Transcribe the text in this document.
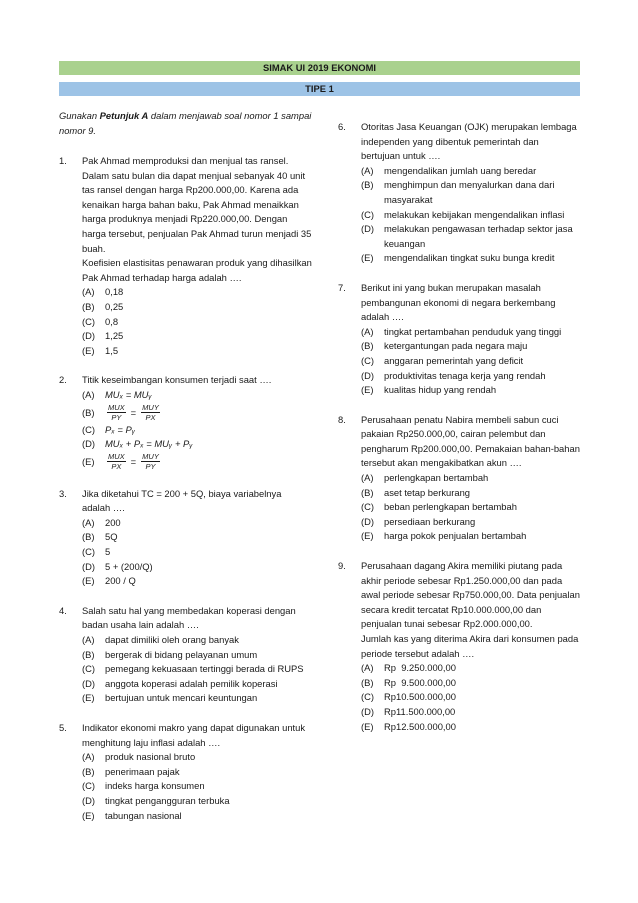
SIMAK UI 2019 EKONOMI
TIPE 1
Gunakan Petunjuk A dalam menjawab soal nomor 1 sampai nomor 9.
1.	Pak Ahmad memproduksi dan menjual tas ransel. Dalam satu bulan dia dapat menjual sebanyak 40 unit tas ransel dengan harga Rp200.000,00. Karena ada kenaikan harga bahan baku, Pak Ahmad menaikkan harga produknya menjadi Rp220.000,00. Dengan harga tersebut, penjualan Pak Ahmad turun menjadi 35 buah.
Koefisien elastisitas penawaran produk yang dihasilkan Pak Ahmad terhadap harga adalah ….
(A)	0,18
(B)	0,25
(C)	0,8
(D)	1,25
(E)	1,5
2.	Titik keseimbangan konsumen terjadi saat ….
(A)	MUₓ = MUᵧ
(B)	$\frac{\text{MUX}}{PY} = \frac{\text{MUY}}{PX}$
(C)	Pₓ = Pᵧ
(D)	MUₓ + Pₓ = MUᵧ + Pᵧ
(E)	$\frac{\text{MUX}}{PX} = \frac{\text{MUY}}{PY}$
3.	Jika diketahui TC = 200 + 5Q, biaya variabelnya adalah ….
(A)	200
(B)	5Q
(C)	5
(D)	5 + (200/Q)
(E)	200 / Q
4.	Salah satu hal yang membedakan koperasi dengan badan usaha lain adalah ….
(A)	dapat dimiliki oleh orang banyak
(B)	bergerak di bidang pelayanan umum
(C)	pemegang kekuasaan tertinggi berada di RUPS
(D)	anggota koperasi adalah pemilik koperasi
(E)	bertujuan untuk mencari keuntungan
5.	Indikator ekonomi makro yang dapat digunakan untuk menghitung laju inflasi adalah ….
(A)	produk nasional bruto
(B)	penerimaan pajak
(C)	indeks harga konsumen
(D)	tingkat pengangguran terbuka
(E)	tabungan nasional
6.	Otoritas Jasa Keuangan (OJK) merupakan lembaga independen yang dibentuk pemerintah dan bertujuan untuk ….
(A)	mengendalikan jumlah uang beredar
(B)	menghimpun dan menyalurkan dana dari masyarakat
(C)	melakukan kebijakan mengendalikan inflasi
(D)	melakukan pengawasan terhadap sektor jasa keuangan
(E)	mengendalikan tingkat suku bunga kredit
7.	Berikut ini yang bukan merupakan masalah pembangunan ekonomi di negara berkembang adalah ….
(A)	tingkat pertambahan penduduk yang tinggi
(B)	ketergantungan pada negara maju
(C)	anggaran pemerintah yang deficit
(D)	produktivitas tenaga kerja yang rendah
(E)	kualitas hidup yang rendah
8.	Perusahaan penatu Nabira membeli sabun cuci pakaian Rp250.000,00, cairan pelembut dan pengharum Rp200.000,00. Pemakaian bahan-bahan tersebut akan mengakibatkan akun ….
(A)	perlengkapan bertambah
(B)	aset tetap berkurang
(C)	beban perlengkapan bertambah
(D)	persediaan berkurang
(E)	harga pokok penjualan bertambah
9.	Perusahaan dagang Akira memiliki piutang pada akhir periode sebesar Rp1.250.000,00 dan pada awal periode sebesar Rp750.000,00. Data penjualan secara kredit tercatat Rp10.000.000,00 dan penjualan tunai sebesar Rp2.000.000,00.
Jumlah kas yang diterima Akira dari konsumen pada periode tersebut adalah ….
(A)	Rp  9.250.000,00
(B)	Rp  9.500.000,00
(C)	Rp10.500.000,00
(D)	Rp11.500.000,00
(E)	Rp12.500.000,00
